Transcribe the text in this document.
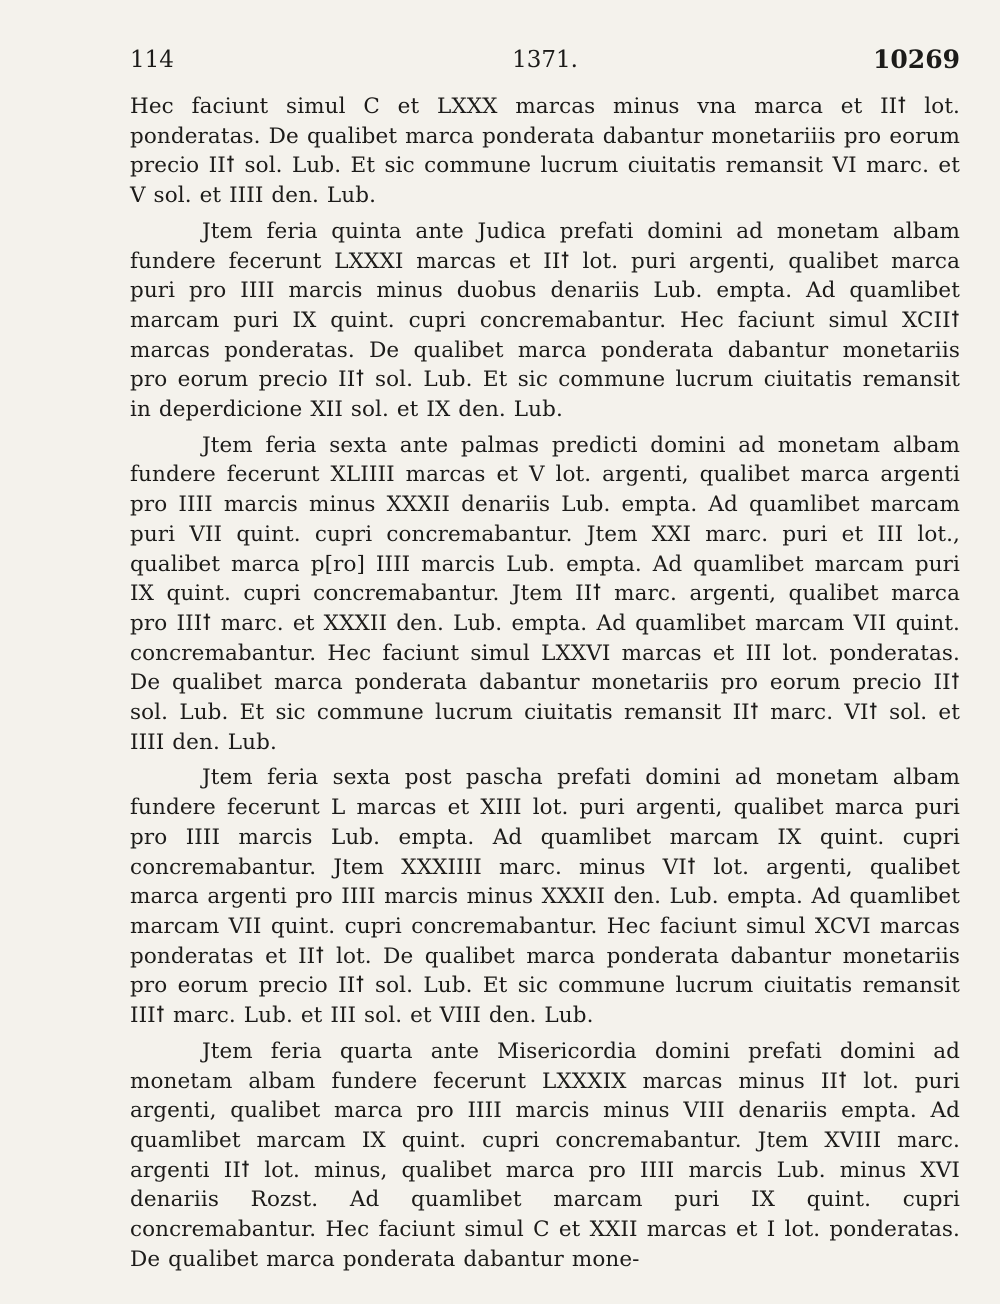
114	1371.	10269

Hec faciunt simul C et LXXX marcas minus vna marca et IIꝉ lot. ponderatas. De qualibet marca ponderata dabantur monetariiis pro eorum precio IIꝉ sol. Lub. Et sic commune lucrum ciuitatis remansit VI marc. et V sol. et IIII den. Lub.

Jtem feria quinta ante Judica prefati domini ad monetam albam fundere fecerunt LXXXI marcas et IIꝉ lot. puri argenti, qualibet marca puri pro IIII marcis minus duobus denariis Lub. empta. Ad quamlibet marcam puri IX quint. cupri concremabantur. Hec faciunt simul XCIIꝉ marcas ponderatas. De qualibet marca ponderata dabantur monetariis pro eorum precio IIꝉ sol. Lub. Et sic commune lucrum ciuitatis remansit in deperdicione XII sol. et IX den. Lub.

Jtem feria sexta ante palmas predicti domini ad monetam albam fundere fecerunt XLIIII marcas et V lot. argenti, qualibet marca argenti pro IIII marcis minus XXXII denariis Lub. empta. Ad quamlibet marcam puri VII quint. cupri concremabantur. Jtem XXI marc. puri et III lot., qualibet marca p[ro] IIII marcis Lub. empta. Ad quamlibet marcam puri IX quint. cupri concremabantur. Jtem IIꝉ marc. argenti, qualibet marca pro IIIꝉ marc. et XXXII den. Lub. empta. Ad quamlibet marcam VII quint. concremabantur. Hec faciunt simul LXXVI marcas et III lot. ponderatas. De qualibet marca ponderata dabantur monetariis pro eorum precio IIꝉ sol. Lub. Et sic commune lucrum ciuitatis remansit IIꝉ marc. VIꝉ sol. et IIII den. Lub.

Jtem feria sexta post pascha prefati domini ad monetam albam fundere fecerunt L marcas et XIII lot. puri argenti, qualibet marca puri pro IIII marcis Lub. empta. Ad quamlibet marcam IX quint. cupri concremabantur. Jtem XXXIIII marc. minus VIꝉ lot. argenti, qualibet marca argenti pro IIII marcis minus XXXII den. Lub. empta. Ad quamlibet marcam VII quint. cupri concremabantur. Hec faciunt simul XCVI marcas ponderatas et IIꝉ lot. De qualibet marca ponderata dabantur monetariis pro eorum precio IIꝉ sol. Lub. Et sic commune lucrum ciuitatis remansit IIIꝉ marc. Lub. et III sol. et VIII den. Lub.

Jtem feria quarta ante Misericordia domini prefati domini ad monetam albam fundere fecerunt LXXXIX marcas minus IIꝉ lot. puri argenti, qualibet marca pro IIII marcis minus VIII denariis empta. Ad quamlibet marcam IX quint. cupri concremabantur. Jtem XVIII marc. argenti IIꝉ lot. minus, qualibet marca pro IIII marcis Lub. minus XVI denariis Rozst. Ad quamlibet marcam puri IX quint. cupri concremabantur. Hec faciunt simul C et XXII marcas et I lot. ponderatas. De qualibet marca ponderata dabantur mone-
